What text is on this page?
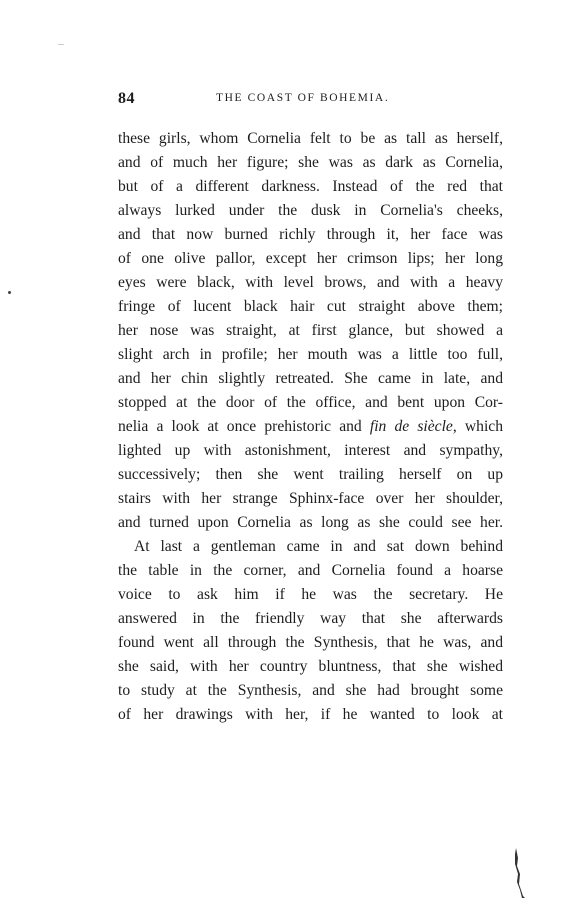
84	THE COAST OF BOHEMIA.
these girls, whom Cornelia felt to be as tall as herself,
and of much her figure; she was as dark as Cornelia,
but of a different darkness. Instead of the red that
always lurked under the dusk in Cornelia's cheeks,
and that now burned richly through it, her face was
of one olive pallor, except her crimson lips; her long
eyes were black, with level brows, and with a heavy
fringe of lucent black hair cut straight above them;
her nose was straight, at first glance, but showed a
slight arch in profile; her mouth was a little too full,
and her chin slightly retreated. She came in late, and
stopped at the door of the office, and bent upon Cor-
nelia a look at once prehistoric and fin de siècle, which
lighted up with astonishment, interest and sympathy,
successively; then she went trailing herself on up
stairs with her strange Sphinx-face over her shoulder,
and turned upon Cornelia as long as she could see her.
At last a gentleman came in and sat down behind
the table in the corner, and Cornelia found a hoarse
voice to ask him if he was the secretary. He
answered in the friendly way that she afterwards
found went all through the Synthesis, that he was, and
she said, with her country bluntness, that she wished
to study at the Synthesis, and she had brought some
of her drawings with her, if he wanted to look at
